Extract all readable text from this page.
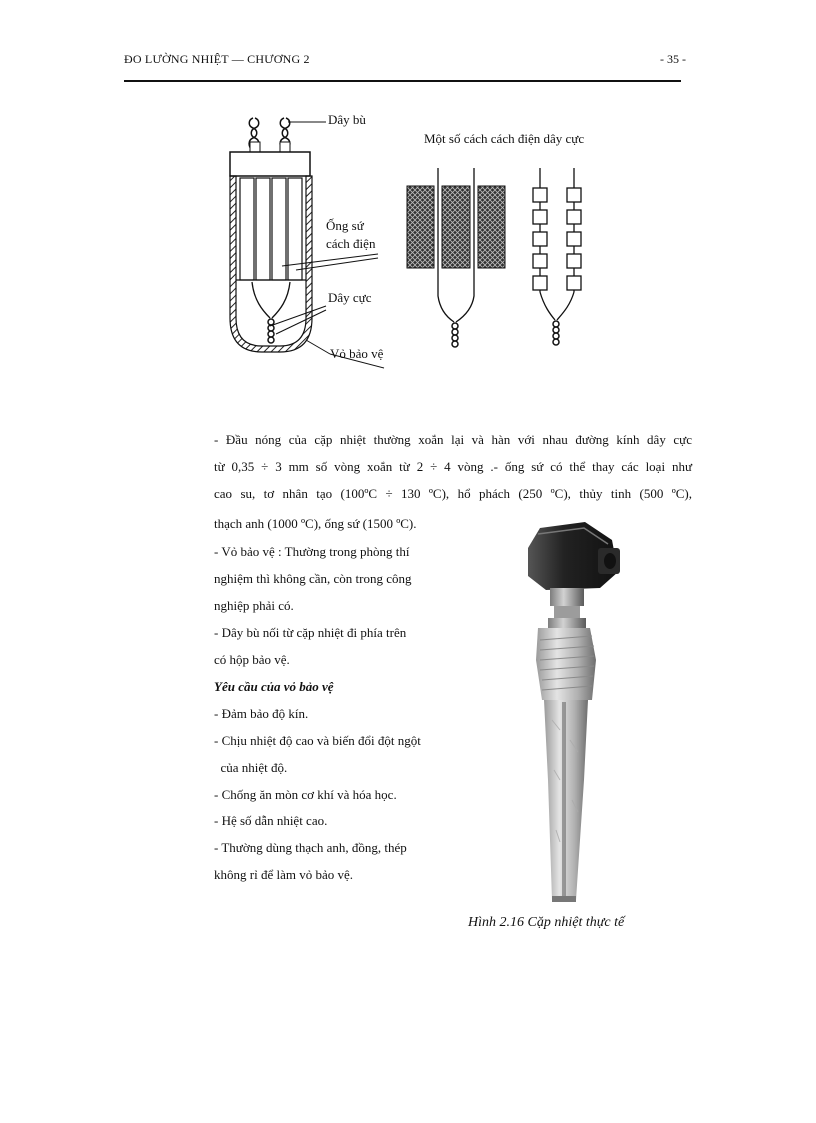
ĐO LƯỜNG NHIỆT — CHƯƠNG 2	- 35 -
Dây bù
Một số cách cách điện dây cực
Ống sứ
cách điện
Dây cực
Vỏ bảo vệ
- Đầu nóng của cặp nhiệt thường xoắn lại và hàn với nhau đường kính dây cực
từ 0,35 ÷ 3 mm số vòng xoắn từ 2 ÷ 4 vòng .- ống sứ có thể thay các loại như
cao su, tơ nhân tạo (100ºC ÷ 130 ºC), hổ phách (250 ºC), thủy tinh (500 ºC),
thạch anh (1000 ºC), ống sứ (1500 ºC).
- Vỏ bảo vệ : Thường trong phòng thí
nghiệm thì không cần, còn trong công
nghiệp phải có.
- Dây bù nối từ cặp nhiệt đi phía trên
có hộp bảo vệ.
Yêu cầu của vỏ bảo vệ
- Đảm bảo độ kín.
- Chịu nhiệt độ cao và biến đổi đột ngột
của nhiệt độ.
- Chống ăn mòn cơ khí và hóa học.
- Hệ số dẫn nhiệt cao.
- Thường dùng thạch anh, đồng, thép
không rỉ để làm vỏ bảo vệ.
Hình 2.16 Cặp nhiệt thực tế
